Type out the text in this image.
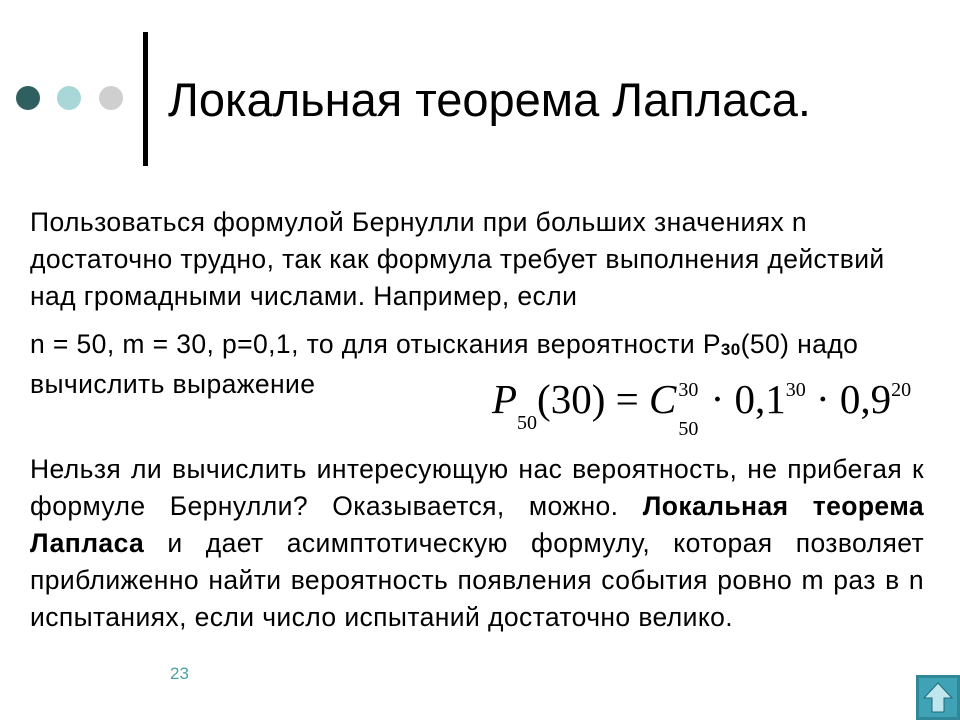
Локальная теорема Лапласа.

Пользоваться формулой Бернулли при больших значениях n достаточно трудно, так как формула требует выполнения действий над громадными числами. Например, если

n = 50, m = 30, p=0,1, то для отыскания вероятности P30(50) надо вычислить выражение	P50(30) = C 30
50
· 0,130 · 0,920

Нельзя ли вычислить интересующую нас вероятность, не прибегая к формуле Бернулли? Оказывается, можно. Локальная теорема Лапласа и дает асимптотическую формулу, которая позволяет приближенно найти вероятность появления события ровно m раз в n испытаниях, если число испытаний достаточно велико.

23
